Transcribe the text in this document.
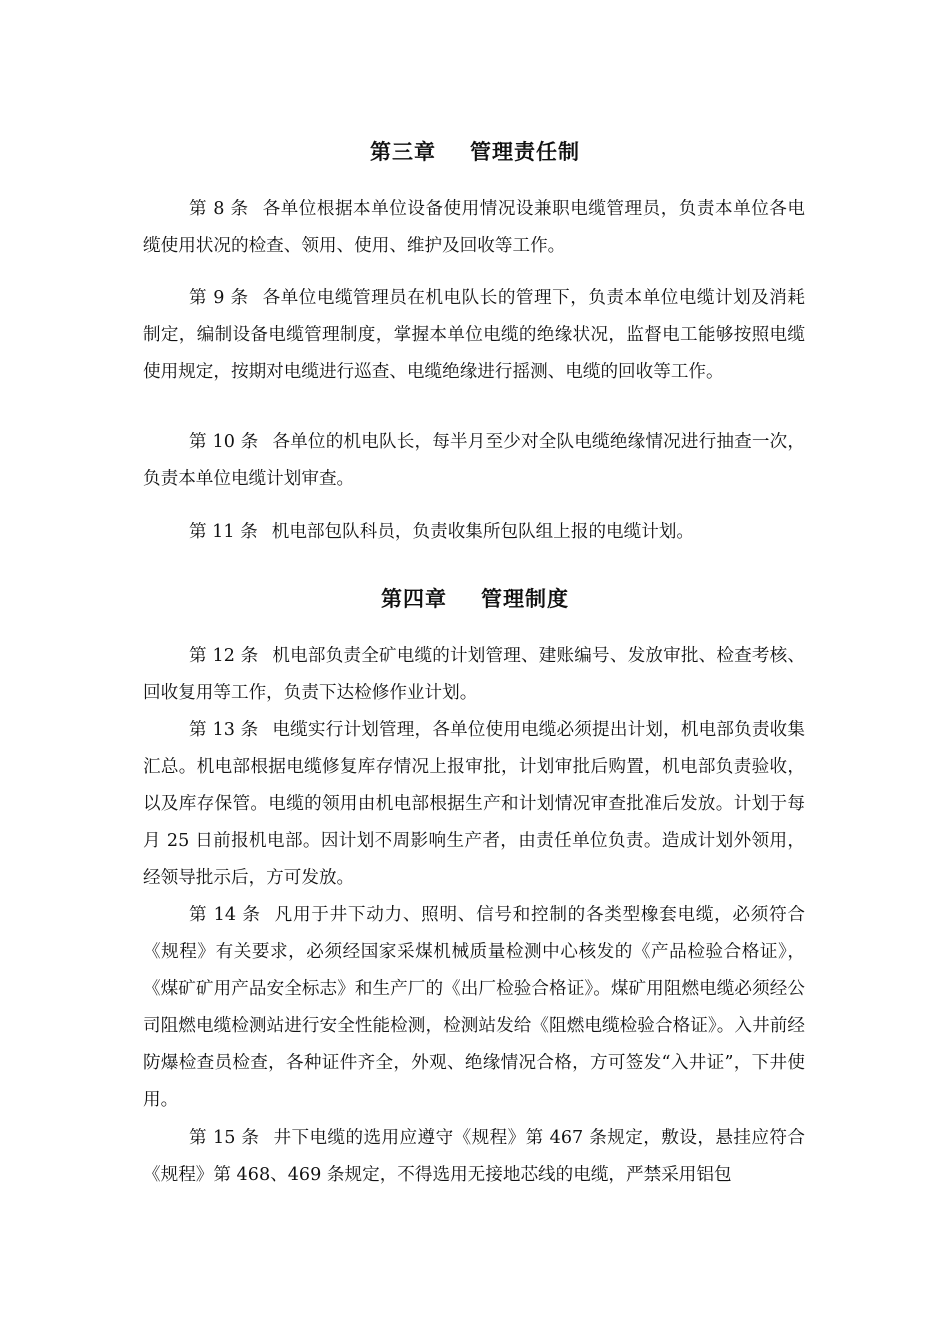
第三章 管理责任制
第 8 条 各单位根据本单位设备使用情况设兼职电缆管理员，负责本单位各电缆使用状况的检查、领用、使用、维护及回收等工作。
第 9 条 各单位电缆管理员在机电队长的管理下，负责本单位电缆计划及消耗制定，编制设备电缆管理制度，掌握本单位电缆的绝缘状况，监督电工能够按照电缆使用规定，按期对电缆进行巡查、电缆绝缘进行摇测、电缆的回收等工作。
第 10 条 各单位的机电队长，每半月至少对全队电缆绝缘情况进行抽查一次，负责本单位电缆计划审查。
第 11 条 机电部包队科员，负责收集所包队组上报的电缆计划。
第四章 管理制度
第 12 条 机电部负责全矿电缆的计划管理、建账编号、发放审批、检查考核、回收复用等工作，负责下达检修作业计划。
第 13 条 电缆实行计划管理，各单位使用电缆必须提出计划，机电部负责收集汇总。机电部根据电缆修复库存情况上报审批，计划审批后购置，机电部负责验收，以及库存保管。电缆的领用由机电部根据生产和计划情况审查批准后发放。计划于每月 25 日前报机电部。因计划不周影响生产者，由责任单位负责。造成计划外领用，经领导批示后，方可发放。
第 14 条 凡用于井下动力、照明、信号和控制的各类型橡套电缆，必须符合《规程》有关要求，必须经国家采煤机械质量检测中心核发的《产品检验合格证》，《煤矿矿用产品安全标志》和生产厂的《出厂检验合格证》。煤矿用阻燃电缆必须经公司阻燃电缆检测站进行安全性能检测，检测站发给《阻燃电缆检验合格证》。入井前经防爆检查员检查，各种证件齐全，外观、绝缘情况合格，方可签发“入井证”，下井使用。
第 15 条 井下电缆的选用应遵守《规程》第 467 条规定，敷设，悬挂应符合《规程》第 468、469 条规定，不得选用无接地芯线的电缆，严禁采用铝包
